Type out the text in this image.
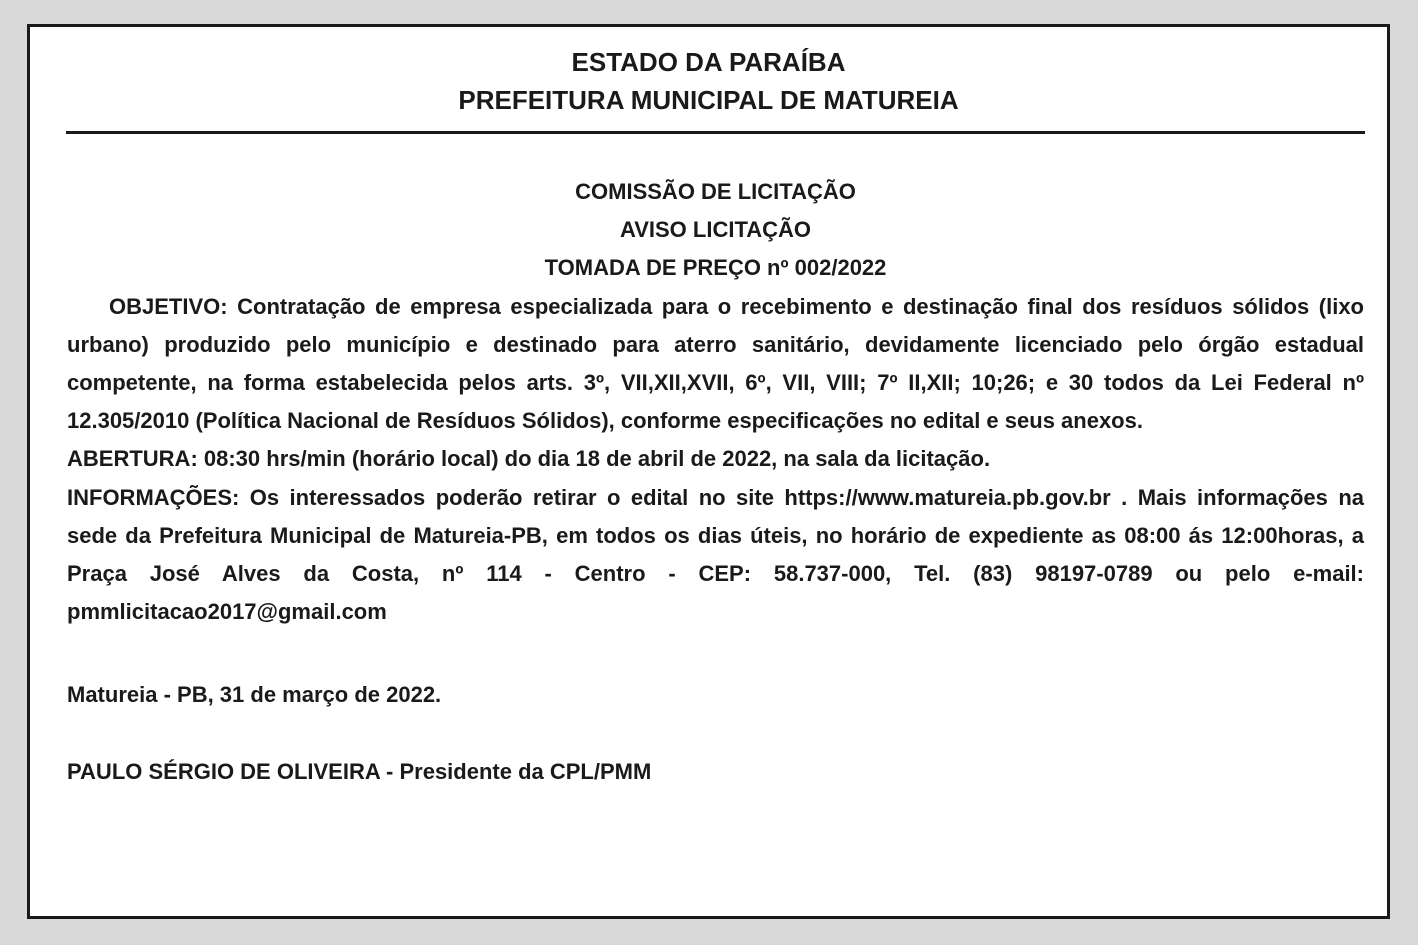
ESTADO DA PARAÍBA
PREFEITURA MUNICIPAL DE MATUREIA
COMISSÃO DE LICITAÇÃO
AVISO LICITAÇÃO
TOMADA DE PREÇO nº 002/2022

OBJETIVO: Contratação de empresa especializada para o recebimento e destinação final dos resíduos sólidos (lixo urbano) produzido pelo município e destinado para aterro sanitário, devidamente licenciado pelo órgão estadual competente, na forma estabelecida pelos arts. 3º, VII,XII,XVII, 6º, VII, VIII; 7º II,XII; 10;26; e 30 todos da Lei Federal nº 12.305/2010 (Política Nacional de Resíduos Sólidos), conforme especificações no edital e seus anexos.

ABERTURA: 08:30 hrs/min (horário local) do dia 18 de abril de 2022, na sala da licitação.

INFORMAÇÕES: Os interessados poderão retirar o edital no site https://www.matureia.pb.gov.br . Mais informações na sede da Prefeitura Municipal de Matureia-PB, em todos os dias úteis, no horário de expediente as 08:00 ás 12:00horas, a Praça José Alves da Costa, nº 114 - Centro - CEP: 58.737-000, Tel. (83) 98197-0789 ou pelo e-mail: pmmlicitacao2017@gmail.com

Matureia - PB, 31 de março de 2022.

PAULO SÉRGIO DE OLIVEIRA - Presidente da CPL/PMM
